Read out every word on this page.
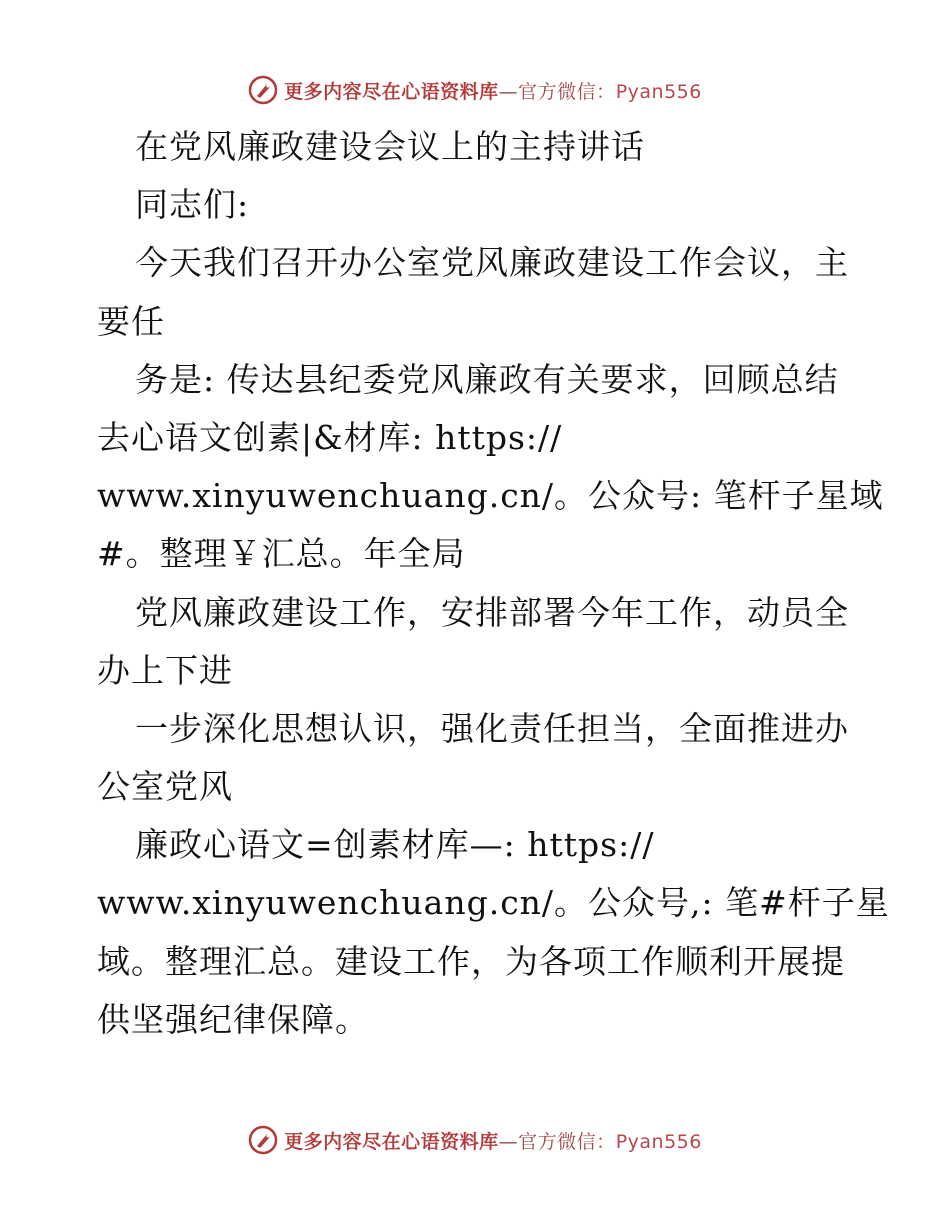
更多内容尽在心语资料库—官方微信：Pyan556
在党风廉政建设会议上的主持讲话
同志们:
今天我们召开办公室党风廉政建设工作会议，主
要任
务是: 传达县纪委党风廉政有关要求，回顾总结
去心语文创素|&材库: https://
www.xinyuwenchuang.cn/。公众号: 笔杆子星域
#。整理￥汇总。年全局
党风廉政建设工作，安排部署今年工作，动员全
办上下进
一步深化思想认识，强化责任担当，全面推进办
公室党风
廉政心语文=创素材库—: https://
www.xinyuwenchuang.cn/。公众号,: 笔#杆子星
域。整理汇总。建设工作，为各项工作顺利开展提
供坚强纪律保障。
更多内容尽在心语资料库—官方微信：Pyan556
